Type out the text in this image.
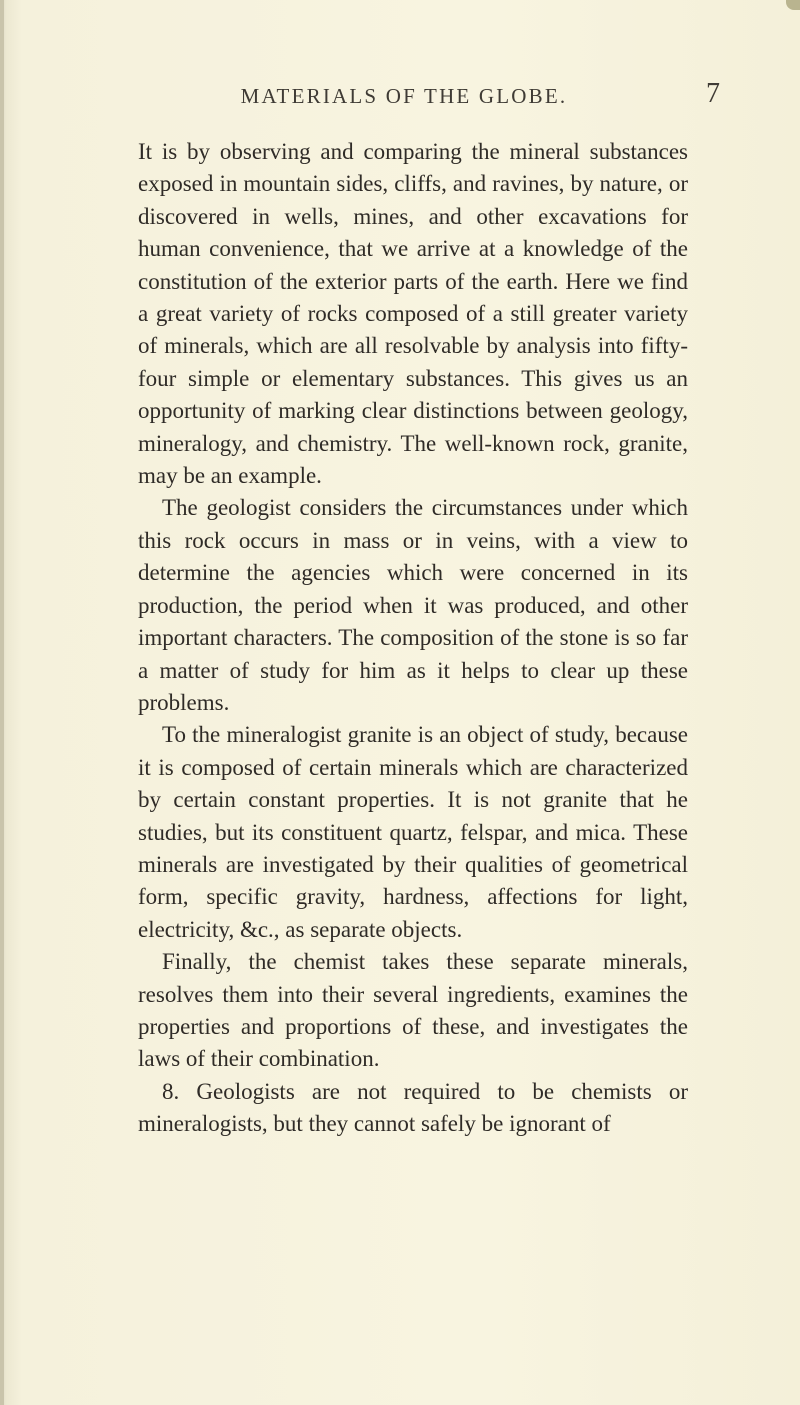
MATERIALS OF THE GLOBE.	7

It is by observing and comparing the mineral substances exposed in mountain sides, cliffs, and ravines, by nature, or discovered in wells, mines, and other excavations for human convenience, that we arrive at a knowledge of the constitution of the exterior parts of the earth. Here we find a great variety of rocks composed of a still greater variety of minerals, which are all resolvable by analysis into fifty-four simple or elementary substances. This gives us an opportunity of marking clear distinctions between geology, mineralogy, and chemistry. The well-known rock, granite, may be an example.

The geologist considers the circumstances under which this rock occurs in mass or in veins, with a view to determine the agencies which were concerned in its production, the period when it was produced, and other important characters. The composition of the stone is so far a matter of study for him as it helps to clear up these problems.

To the mineralogist granite is an object of study, because it is composed of certain minerals which are characterized by certain constant properties. It is not granite that he studies, but its constituent quartz, felspar, and mica. These minerals are investigated by their qualities of geometrical form, specific gravity, hardness, affections for light, electricity, &c., as separate objects.

Finally, the chemist takes these separate minerals, resolves them into their several ingredients, examines the properties and proportions of these, and investigates the laws of their combination.

8. Geologists are not required to be chemists or mineralogists, but they cannot safely be ignorant of
